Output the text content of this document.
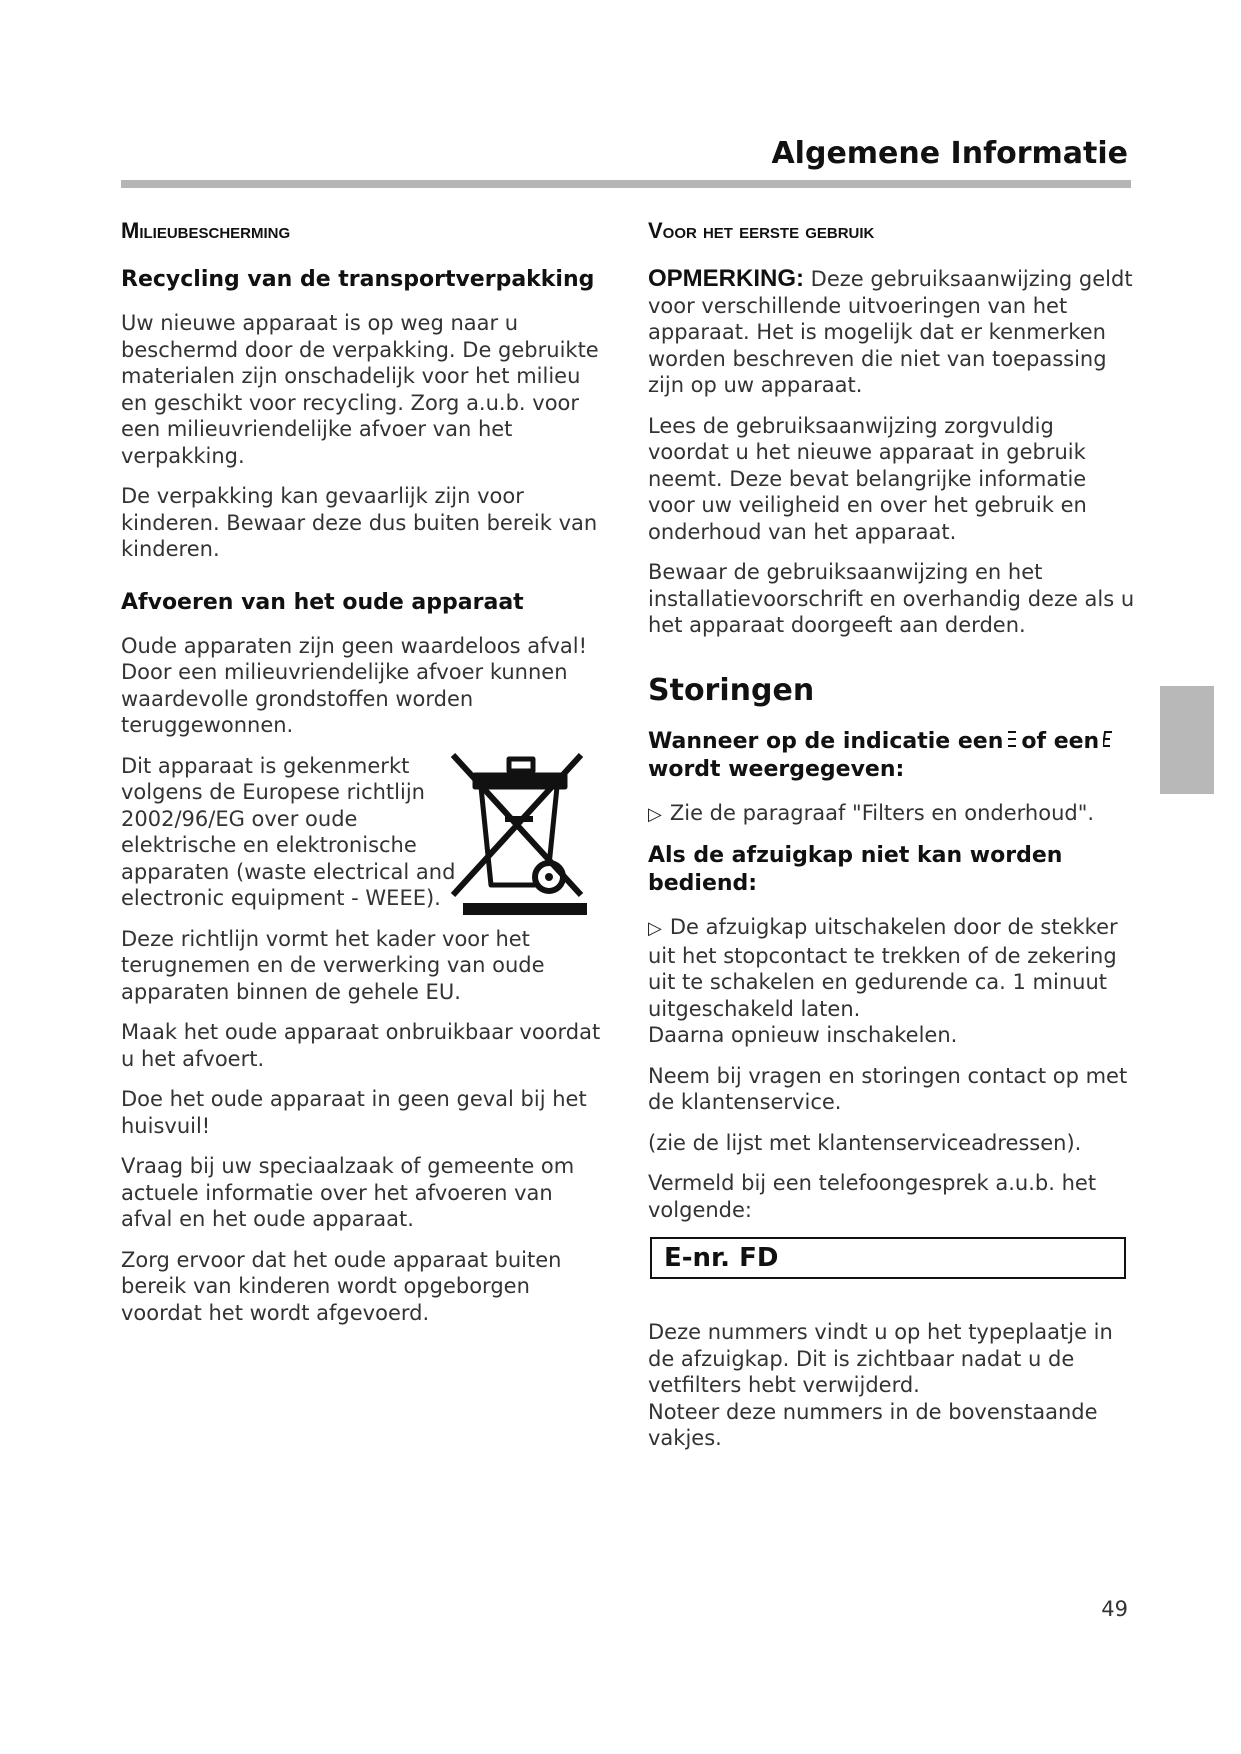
Algemene Informatie
Milieubescherming
Recycling van de transportverpakking

Uw nieuwe apparaat is op weg naar u beschermd door de verpakking. De gebruikte materialen zijn onschadelijk voor het milieu en geschikt voor recycling. Zorg a.u.b. voor een milieuvriendelijke afvoer van het verpakking.

De verpakking kan gevaarlijk zijn voor kinderen. Bewaar deze dus buiten bereik van kinderen.

Afvoeren van het oude apparaat

Oude apparaten zijn geen waardeloos afval! Door een milieuvriendelijke afvoer kunnen waardevolle grondstoffen worden teruggewonnen.

Dit apparaat is gekenmerkt volgens de Europese richtlijn 2002/96/EG over oude elektrische en elektronische apparaten (waste electrical and electronic equipment - WEEE).

Deze richtlijn vormt het kader voor het terugnemen en de verwerking van oude apparaten binnen de gehele EU.

Maak het oude apparaat onbruikbaar voordat u het afvoert.

Doe het oude apparaat in geen geval bij het huisvuil!

Vraag bij uw speciaalzaak of gemeente om actuele informatie over het afvoeren van afval en het oude apparaat.

Zorg ervoor dat het oude apparaat buiten bereik van kinderen wordt opgeborgen voordat het wordt afgevoerd.

Voor het eerste gebruik

OPMERKING: Deze gebruiksaanwijzing geldt voor verschillende uitvoeringen van het apparaat. Het is mogelijk dat er kenmerken worden beschreven die niet van toepassing zijn op uw apparaat.

Lees de gebruiksaanwijzing zorgvuldig voordat u het nieuwe apparaat in gebruik neemt. Deze bevat belangrijke informatie voor uw veiligheid en over het gebruik en onderhoud van het apparaat.

Bewaar de gebruiksaanwijzing en het installatievoorschrift en overhandig deze als u het apparaat doorgeeft aan derden.

Storingen
Wanneer op de indicatie een of een
wordt weergegeven:

▷ Zie de paragraaf "Filters en onderhoud".

Als de afzuigkap niet kan worden bediend:

▷ De afzuigkap uitschakelen door de stekker uit het stopcontact te trekken of de zekering uit te schakelen en gedurende ca. 1 minuut uitgeschakeld laten.
Daarna opnieuw inschakelen.

Neem bij vragen en storingen contact op met de klantenservice.

(zie de lijst met klantenserviceadressen).

Vermeld bij een telefoongesprek a.u.b. het volgende:

E-nr. FD

Deze nummers vindt u op het typeplaatje in de afzuigkap. Dit is zichtbaar nadat u de vetfilters hebt verwijderd.

Noteer deze nummers in de bovenstaande vakjes.

49
